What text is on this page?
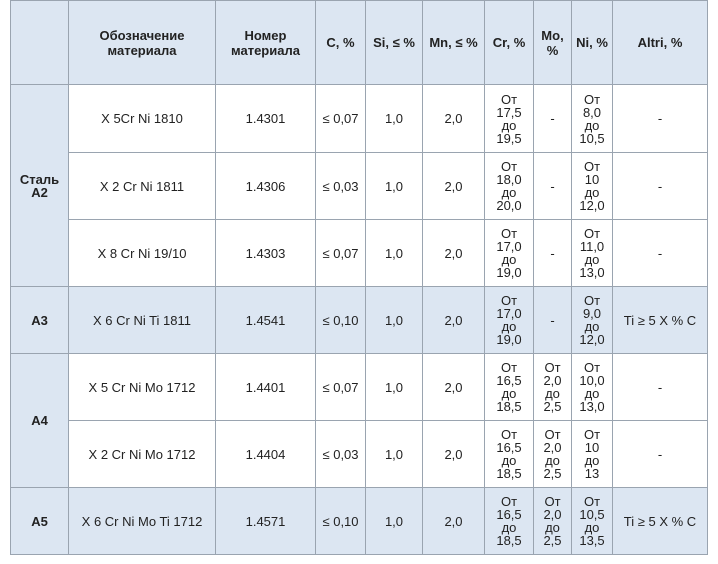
	Обозначение материала	Номер материала	C, %	Si, ≤ %	Mn, ≤ %	Cr, %	Mo, %	Ni, %	Altri, %
Сталь A2	X 5Cr Ni 1810	1.4301	≤ 0,07	1,0	2,0	От
17,5
до
19,5	-	От
8,0
до
10,5	-
	X 2 Cr Ni 1811	1.4306	≤ 0,03	1,0	2,0	От
18,0
до
20,0	-	От
10
до
12,0	-
	X 8 Cr Ni 19/10	1.4303	≤ 0,07	1,0	2,0	От
17,0
до
19,0	-	От
11,0
до
13,0	-
A3	X 6 Cr Ni Ti 1811	1.4541	≤ 0,10	1,0	2,0	От
17,0
до
19,0	-	От
9,0
до
12,0	Ti ≥ 5 X % C
A4	X 5 Cr Ni Mo 1712	1.4401	≤ 0,07	1,0	2,0	От
16,5
до
18,5	От
2,0
до
2,5	От
10,0
до
13,0	-
	X 2 Cr Ni Mo 1712	1.4404	≤ 0,03	1,0	2,0	От
16,5
до
18,5	От
2,0
до
2,5	От
10
до
13	-
A5	X 6 Cr Ni Mo Ti 1712	1.4571	≤ 0,10	1,0	2,0	От
16,5
до
18,5	От
2,0
до
2,5	От
10,5
до
13,5	Ti ≥ 5 X % C
